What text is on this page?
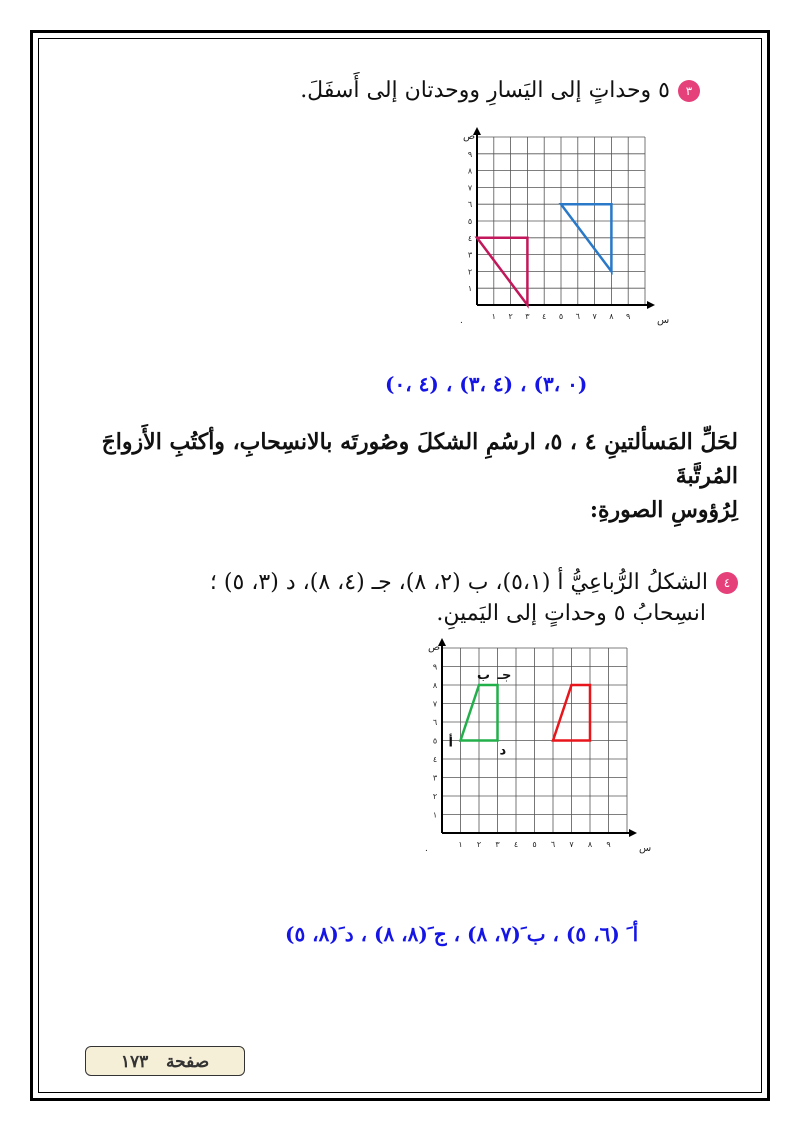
٣٥ وحداتٍ إلى اليَسارِ ووحدتان إلى أَسفَلَ.
١
١
٢
٢
٣
٣
٤
٤
٥
٥
٦
٦
٧
٧
٨
٨
٩
٩
٠	س
ص
(٠ ،٣) ، (٤ ،٣) ، (٤ ،٠)
لحَلِّ المَسألتينِ ٤ ، ٥، ارسُمِ الشكلَ وصُورتَه بالانسِحابِ، وأكتُبِ الأَزواجَ المُرتَّبةَ
لِرُؤوسِ الصورةِ:
٤الشكلُ الرُّباعِيُّ أ (٥،١)، ب (٢، ٨)، جـ (٤، ٨)، د (٣، ٥) ؛
انسِحابُ ٥ وحداتٍ إلى اليَمينِ.
١
١
٢
٢
٣
٣
٤
٤
٥
٥
٦
٦
٧
٧
٨
٨
٩
٩
٠	س
ص
أ
ب جـ
د
أ َ (٦، ٥) ، ب َ(٧، ٨) ، ج َ(٨، ٨) ، د َ(٨، ٥)
صفحة   ١٧٣
